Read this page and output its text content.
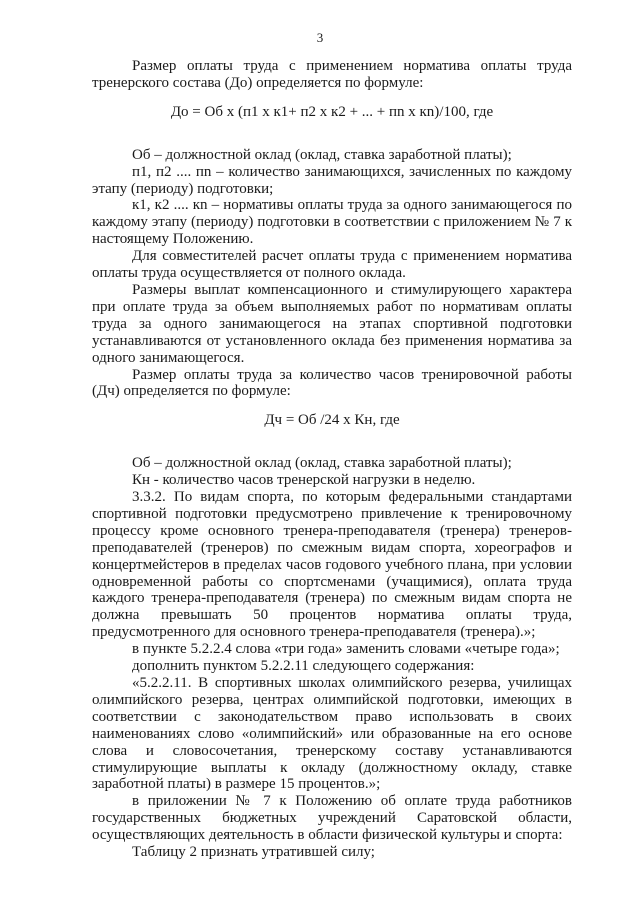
3

Размер оплаты труда с применением норматива оплаты труда тренерского состава (До) определяется по формуле:

До = Об x (п1 x к1+ п2 x к2 + ... + пn x кn)/100, где

Об – должностной оклад (оклад, ставка заработной платы);

п1, п2 .... пn – количество занимающихся, зачисленных по каждому этапу (периоду) подготовки;

к1, к2 .... кn – нормативы оплаты труда за одного занимающегося по каждому этапу (периоду) подготовки в соответствии с приложением № 7 к настоящему Положению.

Для совместителей расчет оплаты труда с применением норматива оплаты труда осуществляется от полного оклада.

Размеры выплат компенсационного и стимулирующего характера при оплате труда за объем выполняемых работ по нормативам оплаты труда за одного занимающегося на этапах спортивной подготовки устанавливаются от установленного оклада без применения норматива за одного занимающегося.

Размер оплаты труда за количество часов тренировочной работы (Дч) определяется по формуле:

Дч = Об /24 x Кн, где

Об – должностной оклад (оклад, ставка заработной платы);

Кн - количество часов тренерской нагрузки в неделю.

3.3.2. По видам спорта, по которым федеральными стандартами спортивной подготовки предусмотрено привлечение к тренировочному процессу кроме основного тренера-преподавателя (тренера) тренеров-преподавателей (тренеров) по смежным видам спорта, хореографов и концертмейстеров в пределах часов годового учебного плана, при условии одновременной работы со спортсменами (учащимися), оплата труда каждого тренера-преподавателя (тренера) по смежным видам спорта не должна превышать 50 процентов норматива оплаты труда, предусмотренного для основного тренера-преподавателя (тренера).»;

в пункте 5.2.2.4 слова «три года» заменить словами «четыре года»;

дополнить пунктом 5.2.2.11 следующего содержания:

«5.2.2.11. В спортивных школах олимпийского резерва, училищах олимпийского резерва, центрах олимпийской подготовки, имеющих в соответствии с законодательством право использовать в своих наименованиях слово «олимпийский» или образованные на его основе слова и словосочетания, тренерскому составу устанавливаются стимулирующие выплаты к окладу (должностному окладу, ставке заработной платы) в размере 15 процентов.»;

в приложении № 7 к Положению об оплате труда работников государственных бюджетных учреждений Саратовской области, осуществляющих деятельность в области физической культуры и спорта:

Таблицу 2 признать утратившей силу;
